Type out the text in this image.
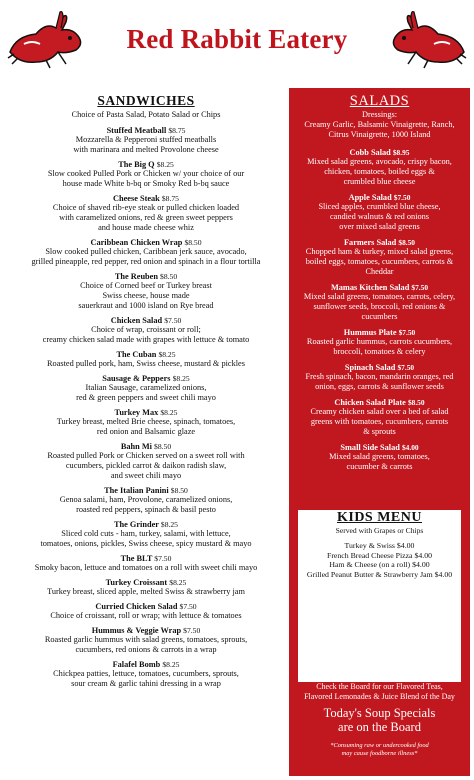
Red Rabbit Eatery
SANDWICHES
Choice of Pasta Salad, Potato Salad or Chips
Stuffed Meatball $8.75
Mozzarella & Pepperoni stuffed meatballs
with marinara and melted Provolone cheese
The Big Q $8.25
Slow cooked Pulled Pork or Chicken w/ your choice of our
house made White b-bq or Smoky Red b-bq sauce
Cheese Steak $8.75
Choice of shaved rib-eye steak or pulled chicken loaded
with caramelized onions, red & green sweet peppers
and house made cheese whiz
Caribbean Chicken Wrap $8.50
Slow cooked pulled chicken, Caribbean jerk sauce, avocado,
grilled pineapple, red pepper, red onion and spinach in a flour tortilla
The Reuben $8.50
Choice of Corned beef or Turkey breast
Swiss cheese, house made
sauerkraut and 1000 island on Rye bread
Chicken Salad $7.50
Choice of wrap, croissant or roll;
creamy chicken salad made with grapes with lettuce & tomato
The Cuban $8.25
Roasted pulled pork, ham, Swiss cheese, mustard & pickles
Sausage & Peppers $8.25
Italian Sausage, caramelized onions,
red & green peppers and sweet chili mayo
Turkey Max $8.25
Turkey breast, melted Brie cheese, spinach, tomatoes,
red onion and Balsamic glaze
Bahn Mi $8.50
Roasted pulled Pork or Chicken served on a sweet roll with
cucumbers, pickled carrot & daikon radish slaw,
and sweet chili mayo
The Italian Panini $8.50
Genoa salami, ham, Provolone, caramelized onions,
roasted red peppers, spinach & basil pesto
The Grinder $8.25
Sliced cold cuts - ham, turkey, salami, with lettuce,
tomatoes, onions, pickles, Swiss cheese, spicy mustard & mayo
The BLT $7.50
Smoky bacon, lettuce and tomatoes on a roll with sweet chili mayo
Turkey Croissant $8.25
Turkey breast, sliced apple, melted Swiss & strawberry jam
Curried Chicken Salad $7.50
Choice of croissant, roll or wrap; with lettuce & tomatoes
Hummus & Veggie Wrap $7.50
Roasted garlic hummus with salad greens, tomatoes, sprouts,
cucumbers, red onions & carrots in a wrap
Falafel Bomb $8.25
Chickpea patties, lettuce, tomatoes, cucumbers, sprouts,
sour cream & garlic tahini dressing in a wrap
SALADS
Dressings:
Creamy Garlic, Balsamic Vinaigrette, Ranch,
Citrus Vinaigrette, 1000 Island
Cobb Salad $8.95
Mixed salad greens, avocado, crispy bacon,
chicken, tomatoes, boiled eggs &
crumbled blue cheese
Apple Salad $7.50
Sliced apples, crumbled blue cheese,
candied walnuts & red onions
over mixed salad greens
Farmers Salad $8.50
Chopped ham & turkey, mixed salad greens,
boiled eggs, tomatoes, cucumbers, carrots &
Cheddar
Mamas Kitchen Salad $7.50
Mixed salad greens, tomatoes, carrots, celery,
sunflower seeds, broccoli, red onions &
cucumbers
Hummus Plate $7.50
Roasted garlic hummus, carrots cucumbers,
broccoli, tomatoes & celery
Spinach Salad $7.50
Fresh spinach, bacon, mandarin oranges, red
onion, eggs, carrots & sunflower seeds
Chicken Salad Plate $8.50
Creamy chicken salad over a bed of salad
greens with tomatoes, cucumbers, carrots
& sprouts
Small Side Salad $4.00
Mixed salad greens, tomatoes,
cucumber & carrots
KIDS MENU
Served with Grapes or Chips
Turkey & Swiss $4.00
French Bread Cheese Pizza $4.00
Ham & Cheese (on a roll) $4.00
Grilled Peanut Butter & Strawberry Jam $4.00
DRINKS
Sweet Iced Tea * Un-Sweet Tea
Fresh Squeezed Lemonade
Root Beer * Ginger-Ale
Coke * Sprite * Diet
Hot Tea * Chai Tea
Hot or Iced Coffee
Check the Board for our Flavored Teas,
Flavored Lemonades & Juice Blend of the Day
Today's Soup Specials
are on the Board
*Consuming raw or undercooked food
may cause foodborne illness*
